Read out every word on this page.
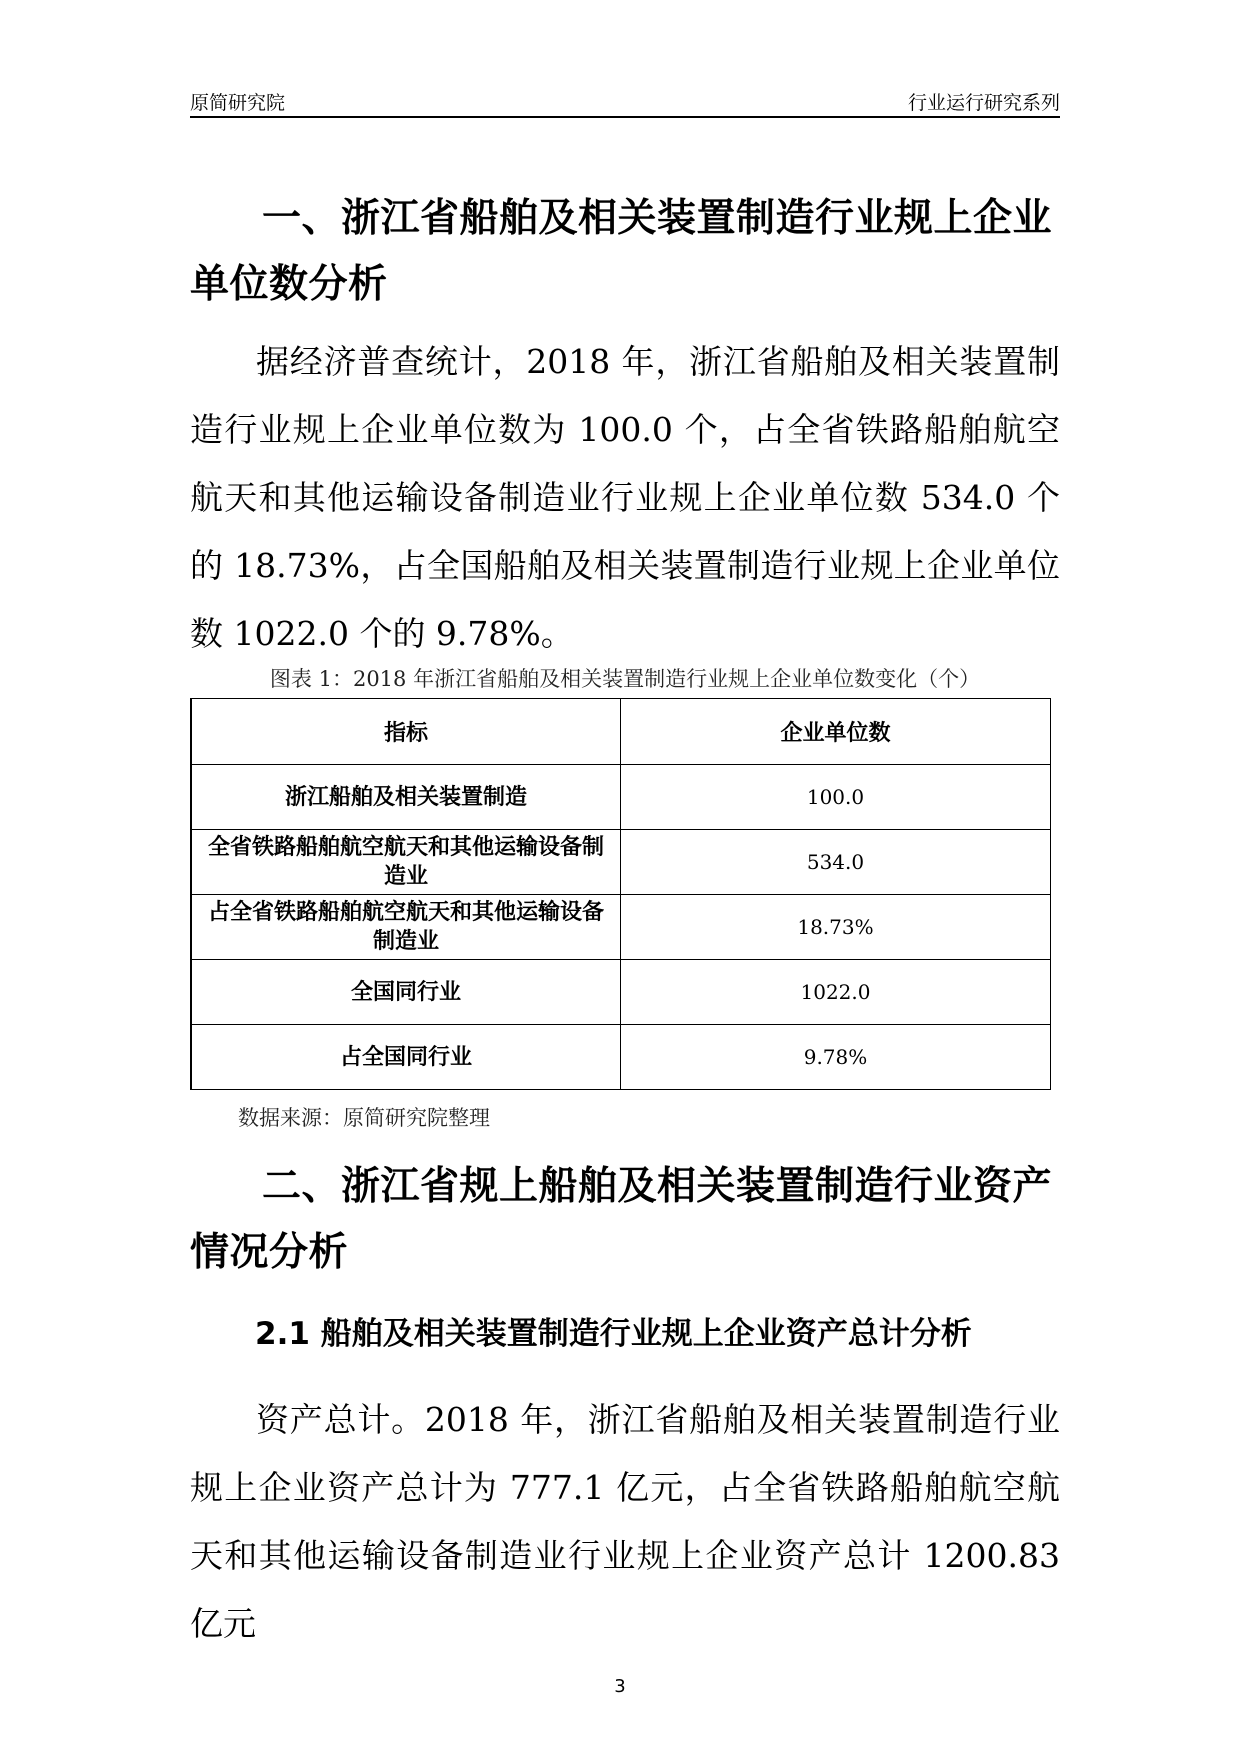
原简研究院	行业运行研究系列
一、浙江省船舶及相关装置制造行业规上企业单位数分析
据经济普查统计，2018 年，浙江省船舶及相关装置制造行业规上企业单位数为 100.0 个，占全省铁路船舶航空航天和其他运输设备制造业行业规上企业单位数 534.0 个的 18.73%，占全国船舶及相关装置制造行业规上企业单位数 1022.0 个的 9.78%。
图表 1：2018 年浙江省船舶及相关装置制造行业规上企业单位数变化（个）
指标	企业单位数
浙江船舶及相关装置制造	100.0
全省铁路船舶航空航天和其他运输设备制造业	534.0
占全省铁路船舶航空航天和其他运输设备制造业	18.73%
全国同行业	1022.0
占全国同行业	9.78%
数据来源：原简研究院整理
二、浙江省规上船舶及相关装置制造行业资产情况分析
2.1 船舶及相关装置制造行业规上企业资产总计分析
资产总计。2018 年，浙江省船舶及相关装置制造行业规上企业资产总计为 777.1 亿元，占全省铁路船舶航空航天和其他运输设备制造业行业规上企业资产总计 1200.83 亿元
3
